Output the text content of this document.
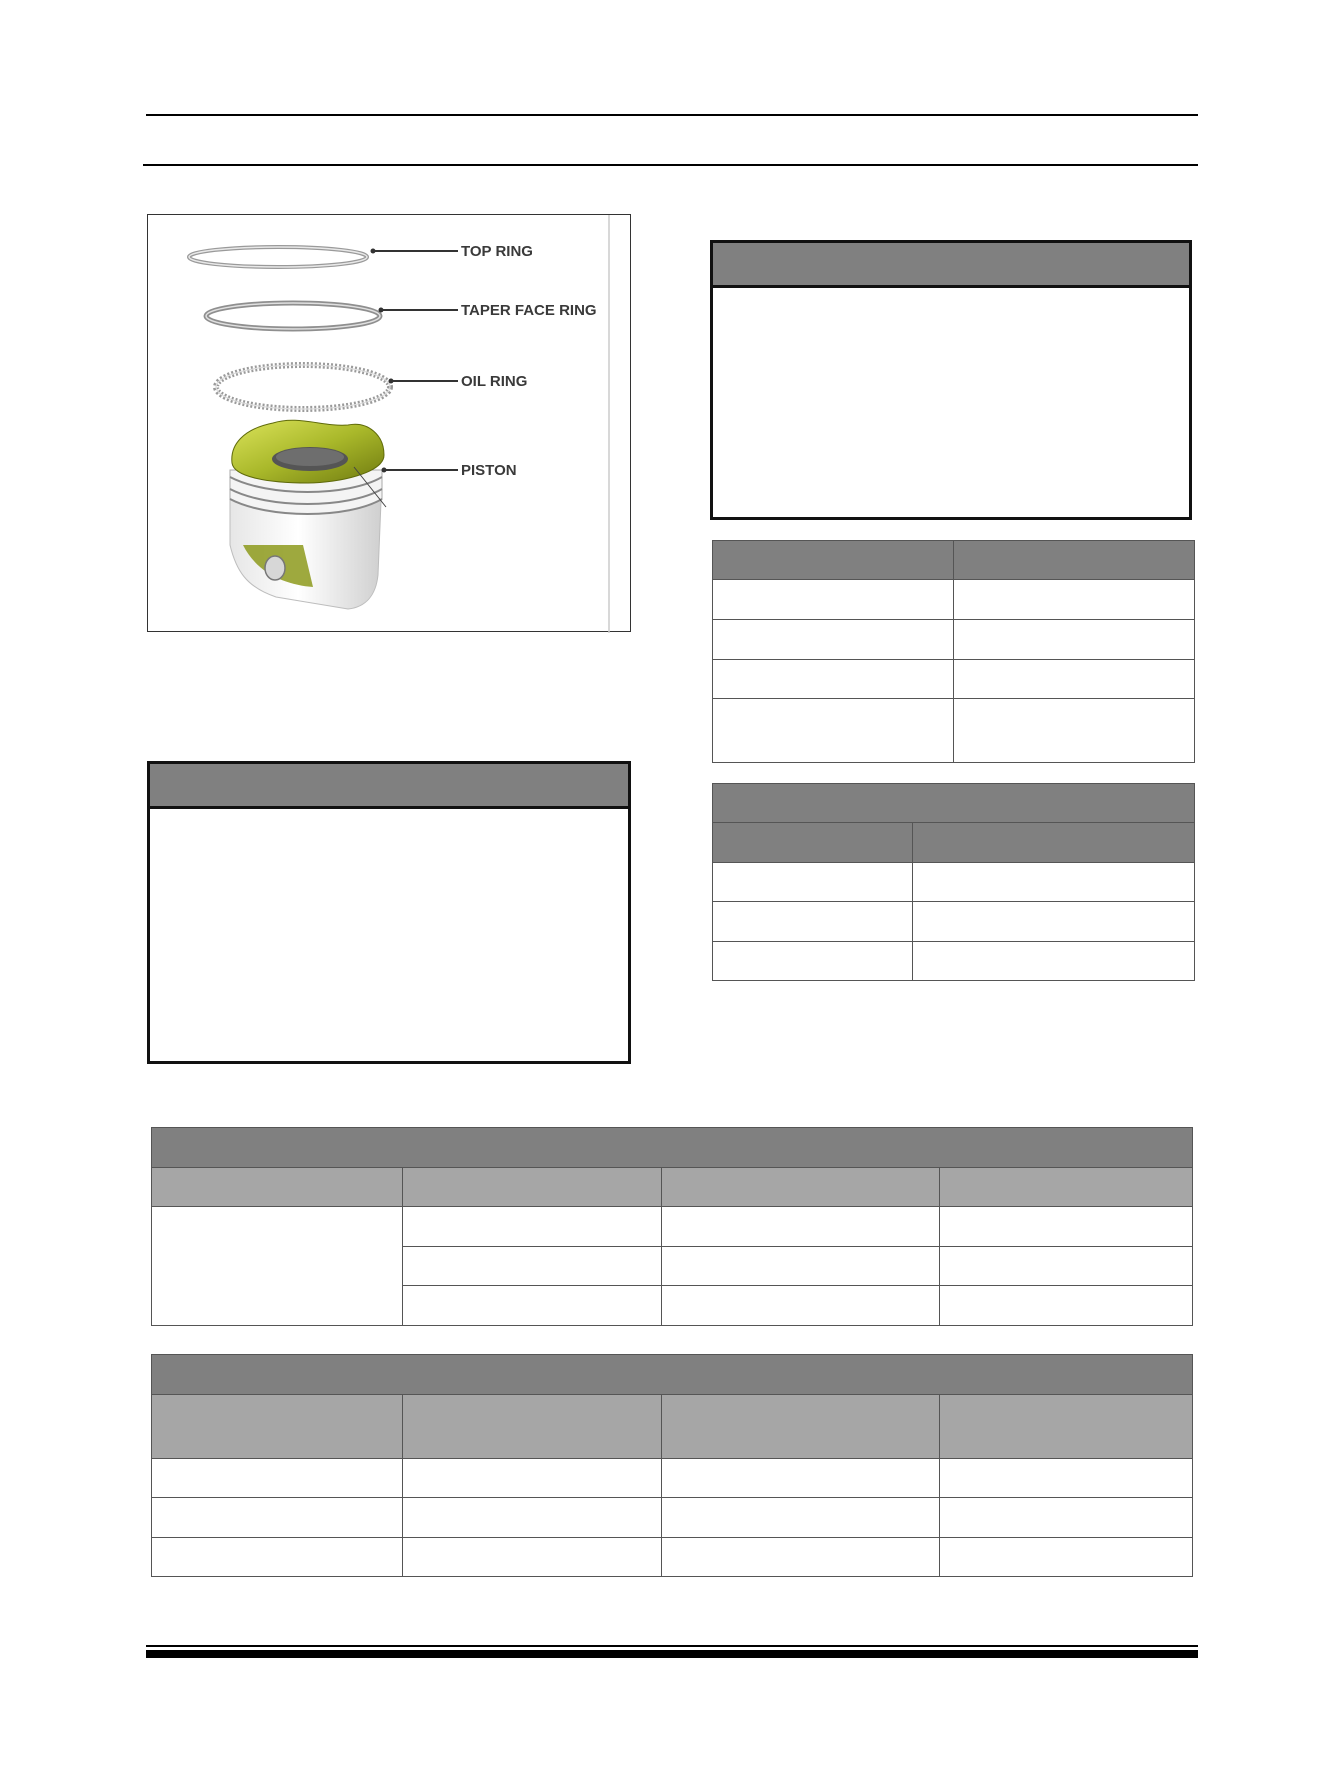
TOP RING
TAPER FACE RING
OIL RING
PISTON
